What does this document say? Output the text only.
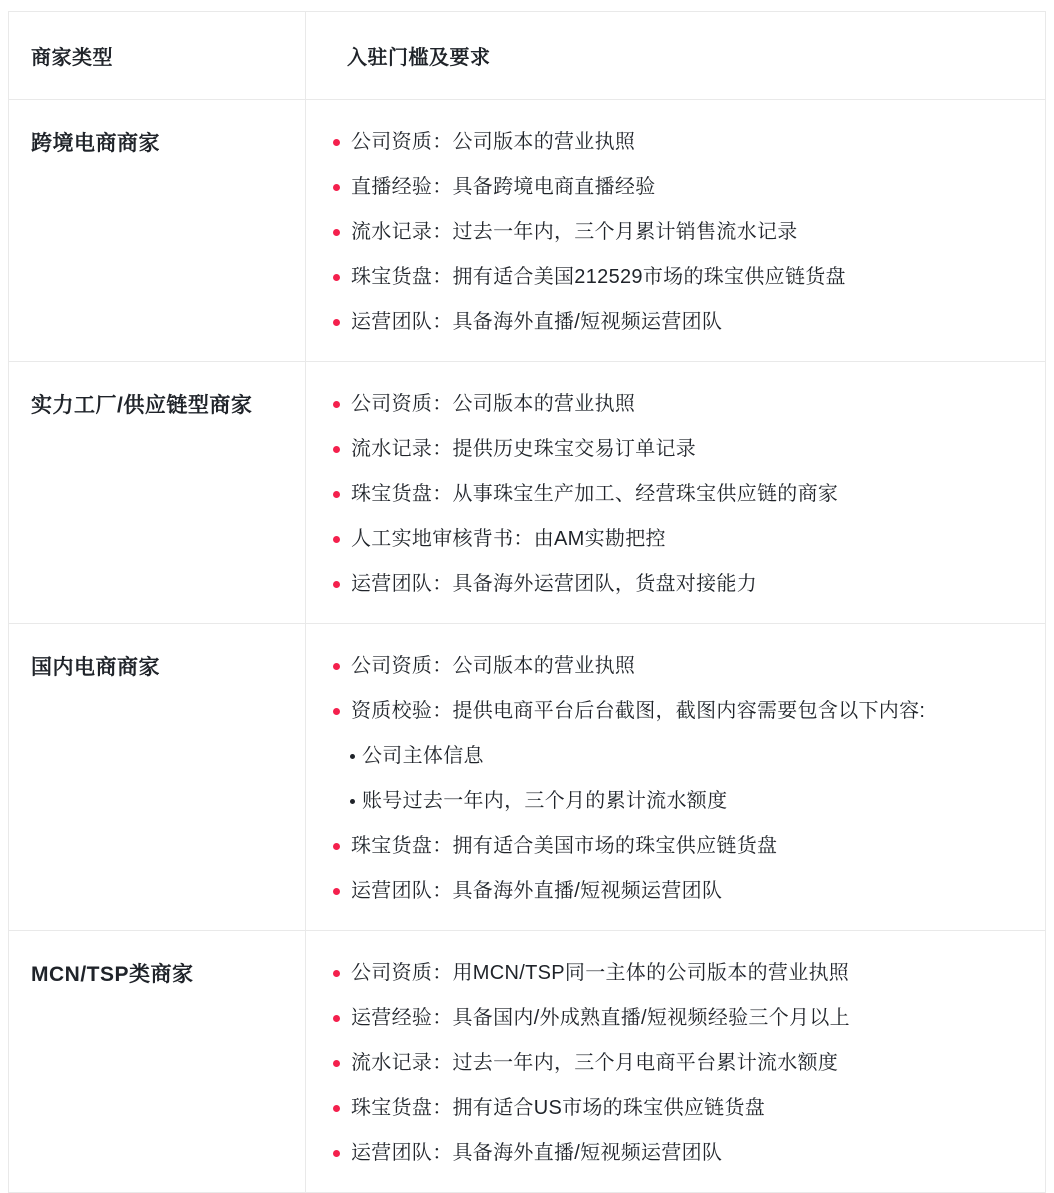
商家类型	入驻门槛及要求
跨境电商商家	公司资质：公司版本的营业执照
直播经验：具备跨境电商直播经验
流水记录：过去一年内，三个月累计销售流水记录
珠宝货盘：拥有适合美国212529市场的珠宝供应链货盘
运营团队：具备海外直播/短视频运营团队

实力工厂/供应链型商家	公司资质：公司版本的营业执照
流水记录：提供历史珠宝交易订单记录
珠宝货盘：从事珠宝生产加工、经营珠宝供应链的商家
人工实地审核背书：由AM实勘把控
运营团队：具备海外运营团队，货盘对接能力

国内电商商家	公司资质：公司版本的营业执照
资质校验：提供电商平台后台截图，截图内容需要包含以下内容:
公司主体信息
账号过去一年内，三个月的累计流水额度
珠宝货盘：拥有适合美国市场的珠宝供应链货盘
运营团队：具备海外直播/短视频运营团队

MCN/TSP类商家	公司资质：用MCN/TSP同一主体的公司版本的营业执照
运营经验：具备国内/外成熟直播/短视频经验三个月以上
流水记录：过去一年内，三个月电商平台累计流水额度
珠宝货盘：拥有适合US市场的珠宝供应链货盘
运营团队：具备海外直播/短视频运营团队
